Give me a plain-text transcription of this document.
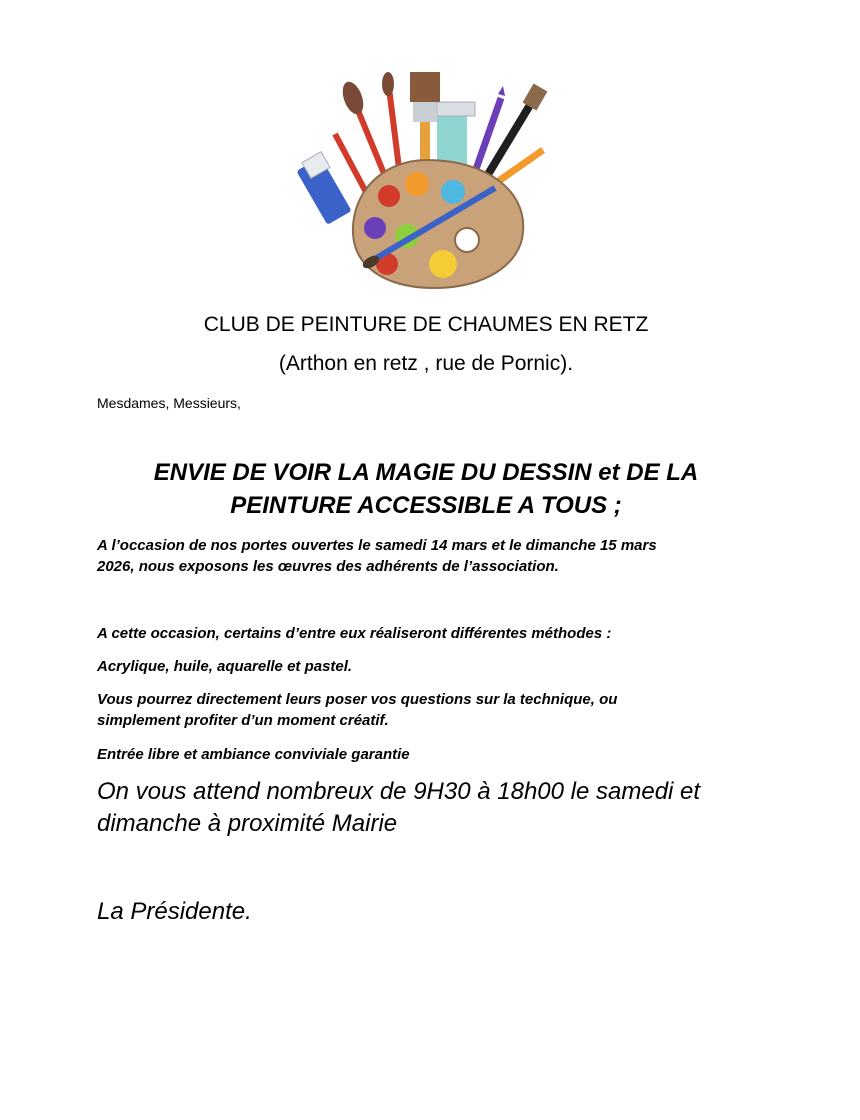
CLUB DE PEINTURE DE CHAUMES EN RETZ
(Arthon en retz , rue de Pornic).
Mesdames, Messieurs,
ENVIE DE VOIR LA MAGIE DU DESSIN et DE LA
PEINTURE ACCESSIBLE A TOUS ;
A l’occasion de nos portes ouvertes le samedi 14 mars et le dimanche 15 mars
2026, nous exposons les œuvres des adhérents de l’association.
A cette occasion, certains d’entre eux réaliseront différentes méthodes :
Acrylique, huile, aquarelle et pastel.
Vous pourrez directement leurs poser vos questions sur la technique, ou
simplement profiter d’un moment créatif.
Entrée libre et ambiance conviviale garantie
On vous attend nombreux de 9H30 à 18h00 le samedi et
dimanche à proximité Mairie
La Présidente.
